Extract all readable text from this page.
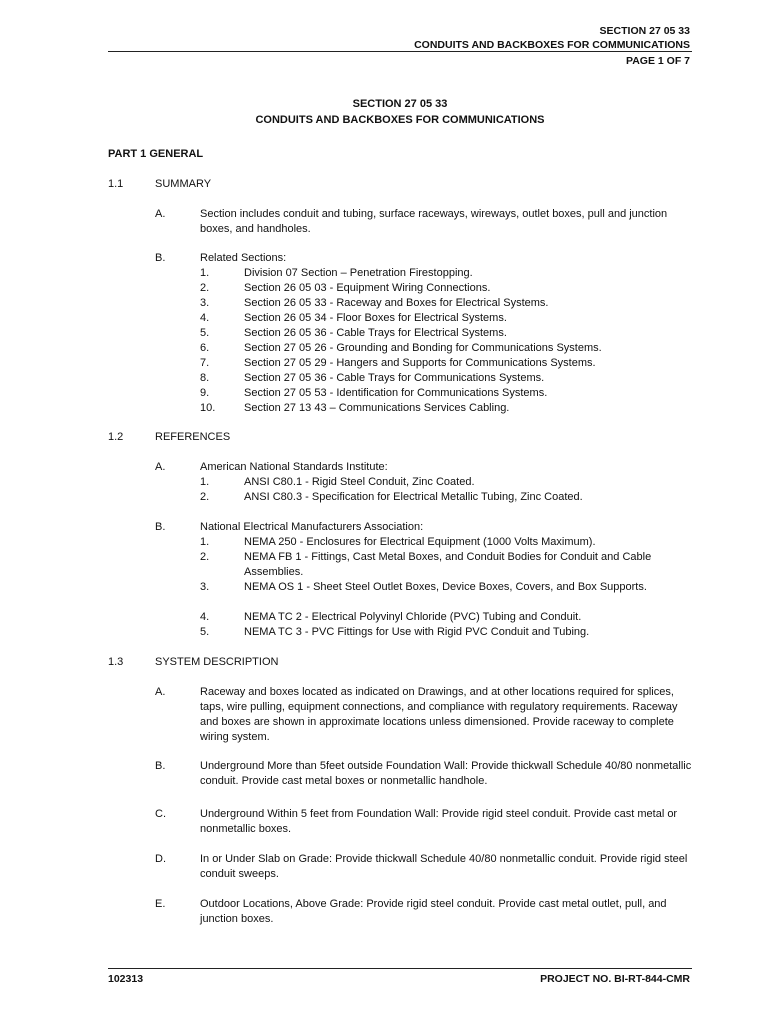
SECTION 27 05 33
CONDUITS AND BACKBOXES FOR COMMUNICATIONS
PAGE 1 OF 7
SECTION 27 05 33
CONDUITS AND BACKBOXES FOR COMMUNICATIONS
PART 1 GENERAL
1.1	SUMMARY
A.	Section includes conduit and tubing, surface raceways, wireways, outlet boxes, pull and junction boxes, and handholes.
B.	Related Sections:
1.	Division 07 Section – Penetration Firestopping.
2.	Section 26 05 03 - Equipment Wiring Connections.
3.	Section 26 05 33 - Raceway and Boxes for Electrical Systems.
4.	Section 26 05 34 - Floor Boxes for Electrical Systems.
5.	Section 26 05 36 - Cable Trays for Electrical Systems.
6.	Section 27 05 26 - Grounding and Bonding for Communications Systems.
7.	Section 27 05 29 - Hangers and Supports for Communications Systems.
8.	Section 27 05 36 - Cable Trays for Communications Systems.
9.	Section 27 05 53 - Identification for Communications Systems.
10.	Section 27 13 43 – Communications Services Cabling.
1.2	REFERENCES
A.	American National Standards Institute:
1.	ANSI C80.1 - Rigid Steel Conduit, Zinc Coated.
2.	ANSI C80.3 - Specification for Electrical Metallic Tubing, Zinc Coated.
B.	National Electrical Manufacturers Association:
1.	NEMA 250 - Enclosures for Electrical Equipment (1000 Volts Maximum).
2.	NEMA FB 1 - Fittings, Cast Metal Boxes, and Conduit Bodies for Conduit and Cable Assemblies.
3.	NEMA OS 1 - Sheet Steel Outlet Boxes, Device Boxes, Covers, and Box Supports.
4.	NEMA TC 2 - Electrical Polyvinyl Chloride (PVC) Tubing and Conduit.
5.	NEMA TC 3 - PVC Fittings for Use with Rigid PVC Conduit and Tubing.
1.3	SYSTEM DESCRIPTION
A.	Raceway and boxes located as indicated on Drawings, and at other locations required for splices, taps, wire pulling, equipment connections, and compliance with regulatory requirements. Raceway and boxes are shown in approximate locations unless dimensioned. Provide raceway to complete wiring system.
B.	Underground More than 5feet outside Foundation Wall: Provide thickwall Schedule 40/80 nonmetallic conduit. Provide cast metal boxes or nonmetallic handhole.
C.	Underground Within 5 feet from Foundation Wall: Provide rigid steel conduit. Provide cast metal or nonmetallic boxes.
D.	In or Under Slab on Grade: Provide thickwall Schedule 40/80 nonmetallic conduit. Provide rigid steel conduit sweeps.
E.	Outdoor Locations, Above Grade: Provide rigid steel conduit. Provide cast metal outlet, pull, and junction boxes.
102313	PROJECT NO. BI-RT-844-CMR
